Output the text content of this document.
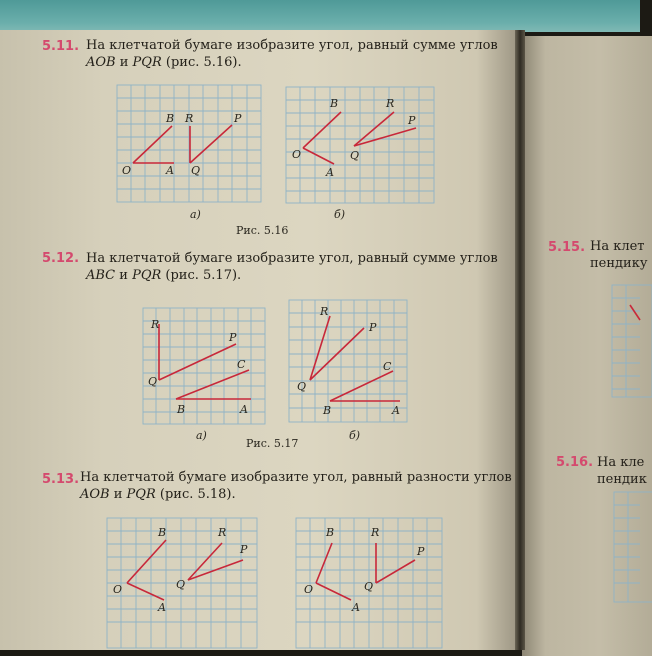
5.11. На клетчатой бумаге изобразите угол, равный сумме углов
AOB и PQR (рис. 5.16).
B R	P
O	A Q
а)
B	R
P
O	Q
A
б)
Рис. 5.16
5.12. На клетчатой бумаге изобразите угол, равный сумме углов
ABC и PQR (рис. 5.17).
R
P
C
Q
B	A
а)
R
P
C
Q
B	A
б)
Рис. 5.17
5.13. На клетчатой бумаге изобразите угол, равный разности углов
AOB и PQR (рис. 5.18).
B	R
P
O	Q
A
B	R
P
O	Q
A
5.15. На клет
пендику
5.16. На кле
пендик
